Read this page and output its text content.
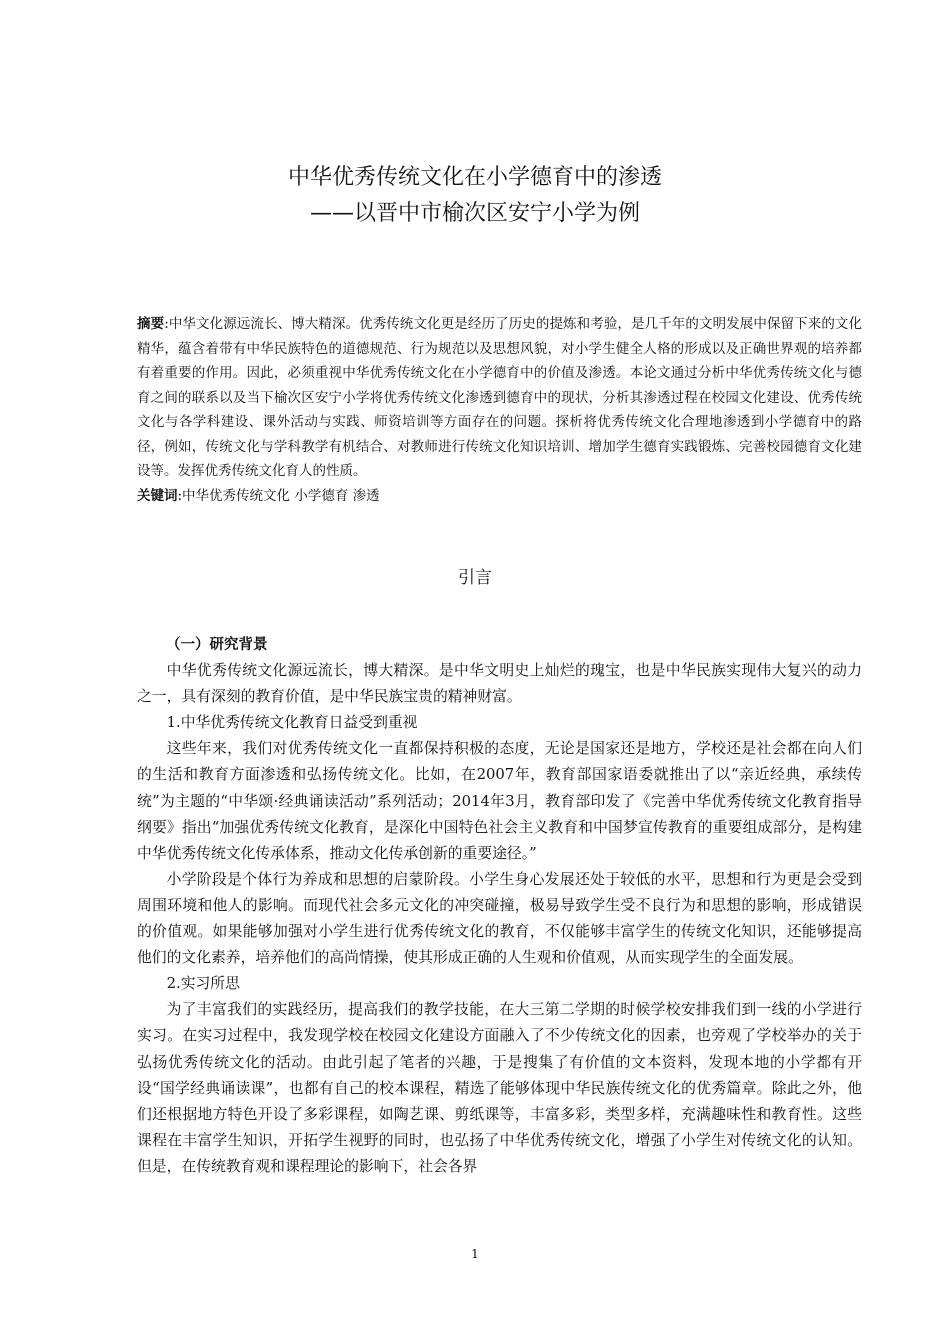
中华优秀传统文化在小学德育中的渗透
——以晋中市榆次区安宁小学为例

摘要:中华文化源远流长、博大精深。优秀传统文化更是经历了历史的提炼和考验，是几千年的文明发展中保留下来的文化精华，蕴含着带有中华民族特色的道德规范、行为规范以及思想风貌，对小学生健全人格的形成以及正确世界观的培养都有着重要的作用。因此，必须重视中华优秀传统文化在小学德育中的价值及渗透。本论文通过分析中华优秀传统文化与德育之间的联系以及当下榆次区安宁小学将优秀传统文化渗透到德育中的现状，分析其渗透过程在校园文化建设、优秀传统文化与各学科建设、课外活动与实践、师资培训等方面存在的问题。探析将优秀传统文化合理地渗透到小学德育中的路径，例如，传统文化与学科教学有机结合、对教师进行传统文化知识培训、增加学生德育实践锻炼、完善校园德育文化建设等。发挥优秀传统文化育人的性质。

关键词:中华优秀传统文化 小学德育 渗透

引言

（一）研究背景

中华优秀传统文化源远流长，博大精深。是中华文明史上灿烂的瑰宝，也是中华民族实现伟大复兴的动力之一，具有深刻的教育价值，是中华民族宝贵的精神财富。

1.中华优秀传统文化教育日益受到重视

这些年来，我们对优秀传统文化一直都保持积极的态度，无论是国家还是地方，学校还是社会都在向人们的生活和教育方面渗透和弘扬传统文化。比如，在2007年，教育部国家语委就推出了以“亲近经典，承续传统”为主题的“中华颂·经典诵读活动”系列活动；2014年3月，教育部印发了《完善中华优秀传统文化教育指导纲要》指出“加强优秀传统文化教育，是深化中国特色社会主义教育和中国梦宣传教育的重要组成部分，是构建中华优秀传统文化传承体系，推动文化传承创新的重要途径。”

小学阶段是个体行为养成和思想的启蒙阶段。小学生身心发展还处于较低的水平，思想和行为更是会受到周围环境和他人的影响。而现代社会多元文化的冲突碰撞，极易导致学生受不良行为和思想的影响，形成错误的价值观。如果能够加强对小学生进行优秀传统文化的教育，不仅能够丰富学生的传统文化知识，还能够提高他们的文化素养，培养他们的高尚情操，使其形成正确的人生观和价值观，从而实现学生的全面发展。

2.实习所思

为了丰富我们的实践经历，提高我们的教学技能，在大三第二学期的时候学校安排我们到一线的小学进行实习。在实习过程中，我发现学校在校园文化建设方面融入了不少传统文化的因素，也旁观了学校举办的关于弘扬优秀传统文化的活动。由此引起了笔者的兴趣，于是搜集了有价值的文本资料，发现本地的小学都有开设“国学经典诵读课”，也都有自己的校本课程，精选了能够体现中华民族传统文化的优秀篇章。除此之外，他们还根据地方特色开设了多彩课程，如陶艺课、剪纸课等，丰富多彩，类型多样，充满趣味性和教育性。这些课程在丰富学生知识，开拓学生视野的同时，也弘扬了中华优秀传统文化，增强了小学生对传统文化的认知。但是，在传统教育观和课程理论的影响下，社会各界

1
